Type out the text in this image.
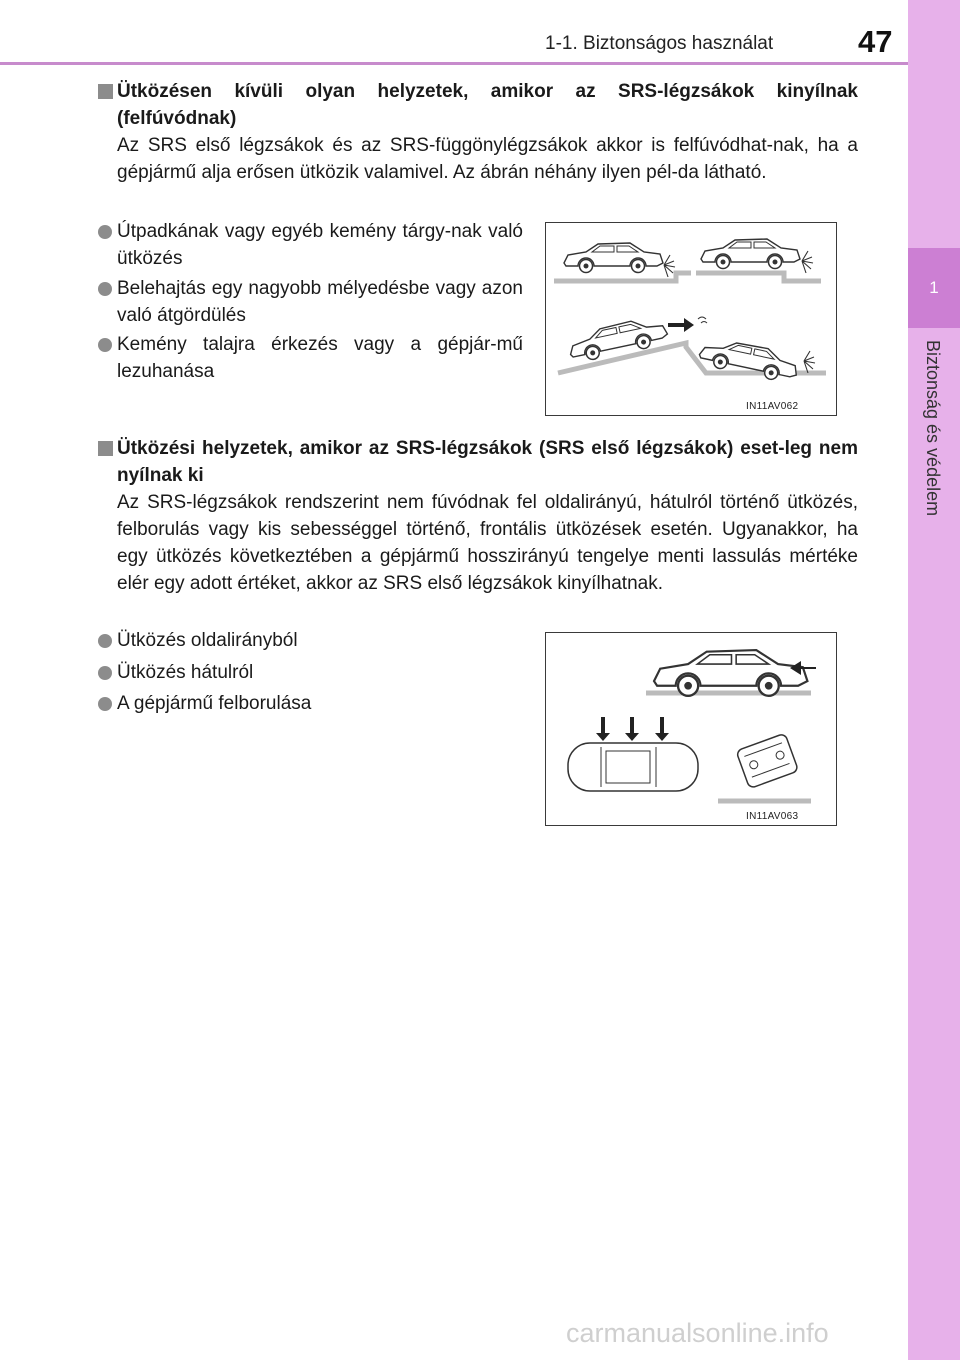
1-1. Biztonságos használat	47
1
Biztonság és védelem
Ütközésen kívüli olyan helyzetek, amikor az SRS-légzsákok kinyílnak (felfúvódnak)
Az SRS első légzsákok és az SRS-függönylégzsákok akkor is felfúvódhat-nak, ha a gépjármű alja erősen ütközik valamivel. Az ábrán néhány ilyen pél-da látható.
Útpadkának vagy egyéb kemény tárgy-nak való ütközés
Belehajtás egy nagyobb mélyedésbe vagy azon való átgördülés
Kemény talajra érkezés vagy a gépjár-mű lezuhanása
IN11AV062
Ütközési helyzetek, amikor az SRS-légzsákok (SRS első légzsákok) eset-leg nem nyílnak ki
Az SRS-légzsákok rendszerint nem fúvódnak fel oldalirányú, hátulról történő ütközés, felborulás vagy kis sebességgel történő, frontális ütközések esetén. Ugyanakkor, ha egy ütközés következtében a gépjármű hosszirányú tengelye menti lassulás mértéke elér egy adott értéket, akkor az SRS első légzsákok kinyílhatnak.
Ütközés oldalirányból
Ütközés hátulról
A gépjármű felborulása
IN11AV063
carmanualsonline.info
